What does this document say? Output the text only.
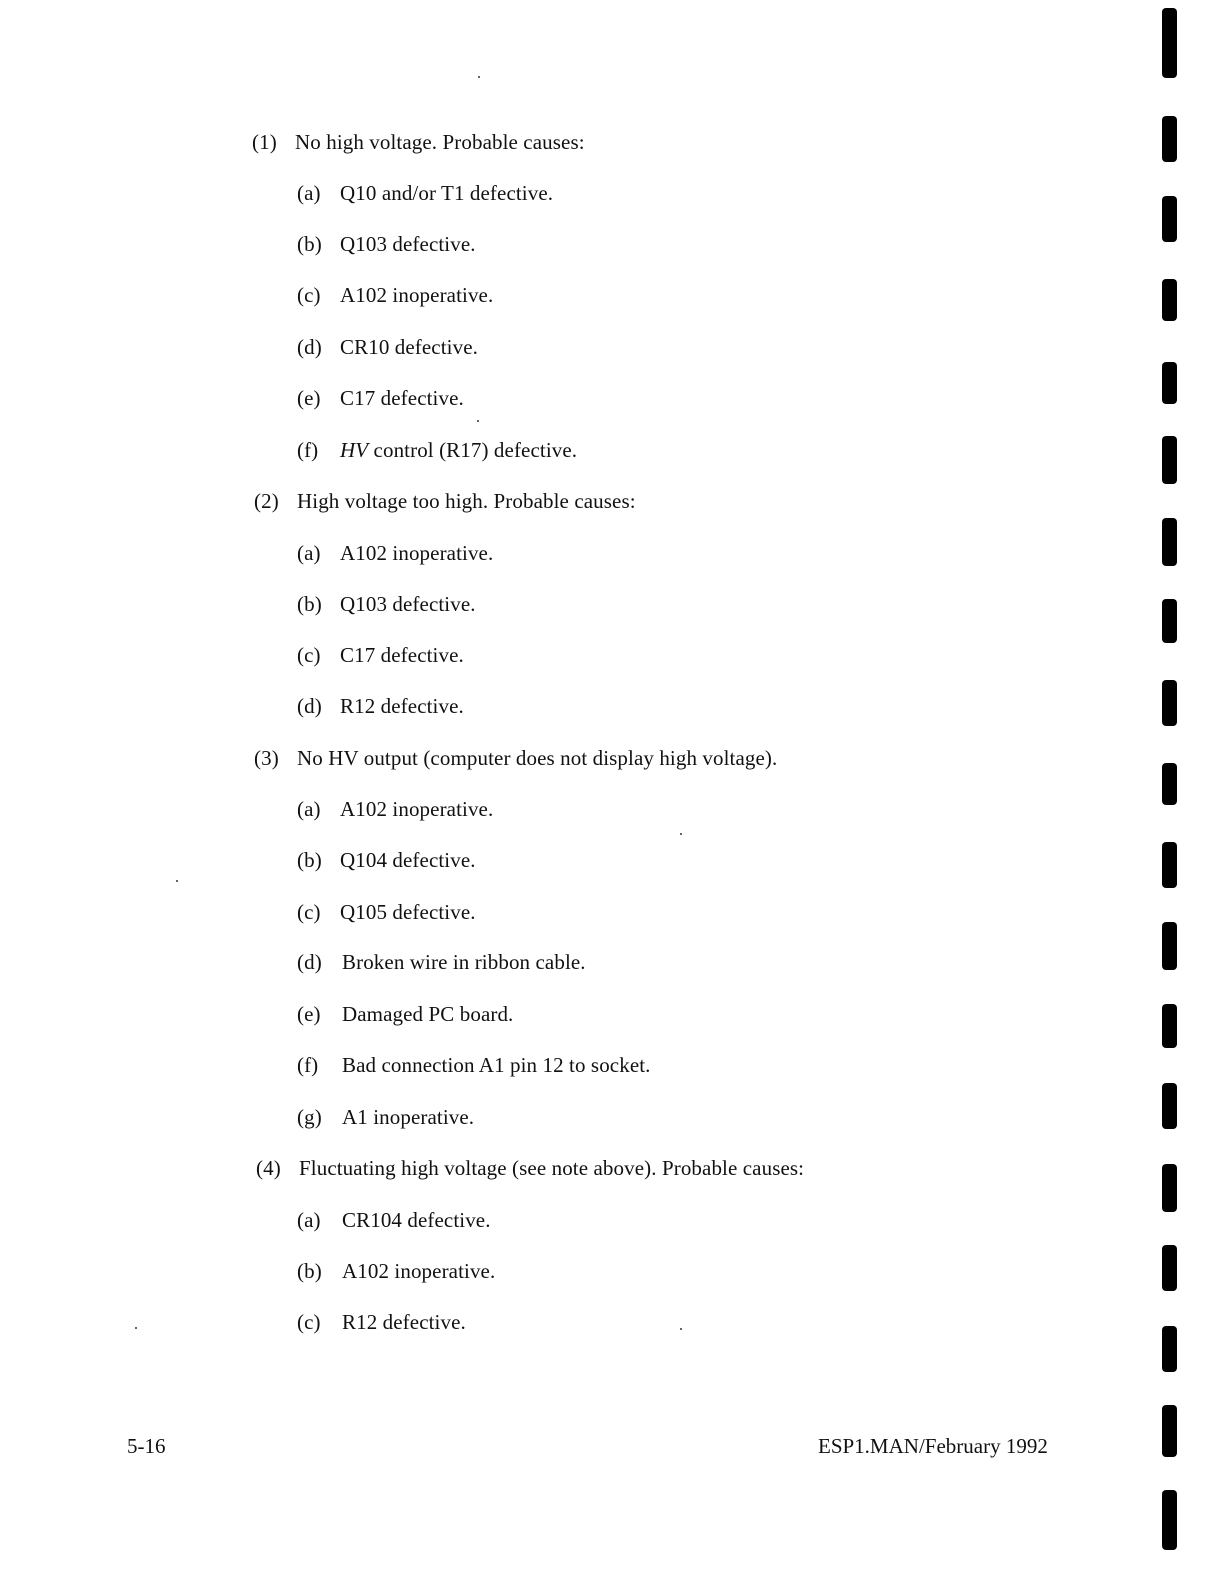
(1) No high voltage. Probable causes:
(a) Q10 and/or T1 defective.
(b) Q103 defective.
(c) A102 inoperative.
(d) CR10 defective.
(e) C17 defective.
(f) HV control (R17) defective.
(2) High voltage too high. Probable causes:
(a) A102 inoperative.
(b) Q103 defective.
(c) C17 defective.
(d) R12 defective.
(3) No HV output (computer does not display high voltage).
(a) A102 inoperative.
(b) Q104 defective.
(c) Q105 defective.
(d) Broken wire in ribbon cable.
(e) Damaged PC board.
(f) Bad connection A1 pin 12 to socket.
(g) A1 inoperative.
(4) Fluctuating high voltage (see note above). Probable causes:
(a) CR104 defective.
(b) A102 inoperative.
(c) R12 defective.
5-16	ESP1.MAN/February 1992
